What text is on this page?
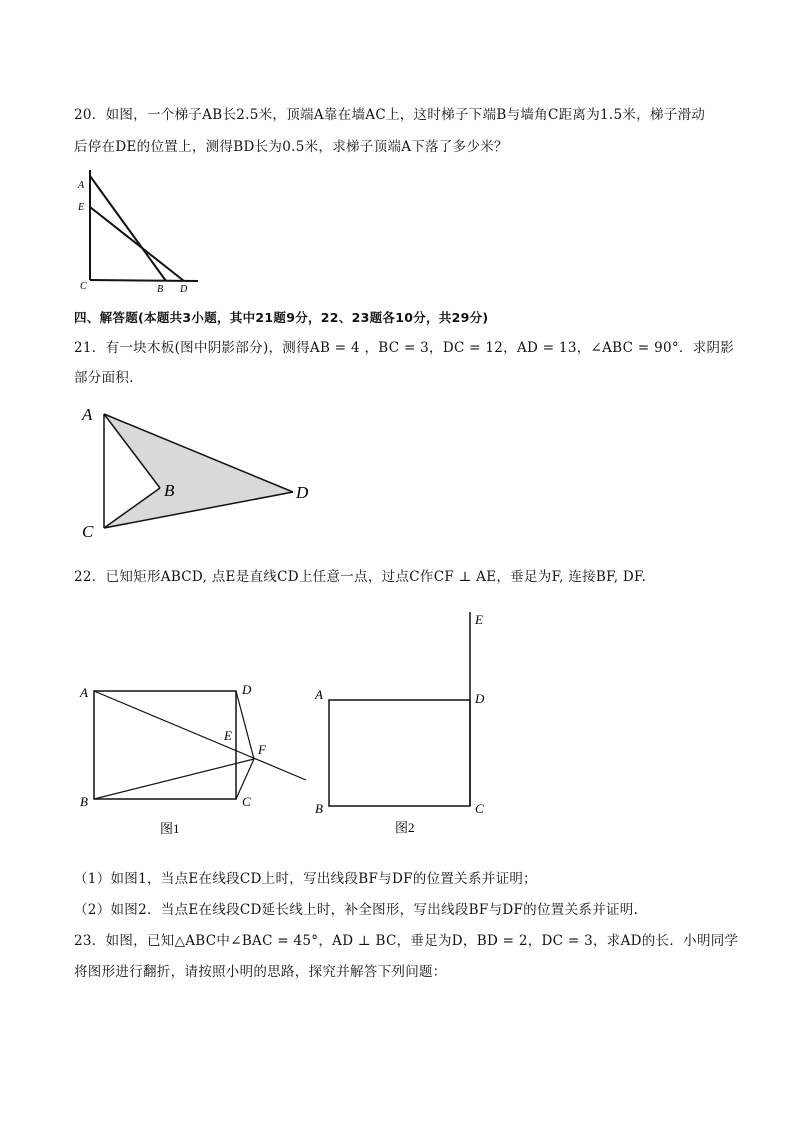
20．如图，一个梯子AB长2.5米，顶端A靠在墙AC上，这时梯子下端B与墙角C距离为1.5米，梯子滑动
后停在DE的位置上，测得BD长为0.5米，求梯子顶端A下落了多少米？
A
E
C	B D
四、解答题(本题共3小题，其中21题9分，22、23题各10分，共29分)
21．有一块木板(图中阴影部分)，测得AB = 4 ，BC = 3，DC = 12，AD = 13，∠ABC = 90°．求阴影
部分面积．
A
B
C
D
22．已知矩形ABCD, 点E是直线CD上任意一点，过点C作CF ⊥ AE，垂足为F, 连接BF, DF.
A	D
E
F
B	C
图1
E
A	D
B	C
图2
（1）如图1，当点E在线段CD上时，写出线段BF与DF的位置关系并证明；
（2）如图2．当点E在线段CD延长线上时，补全图形，写出线段BF与DF的位置关系并证明.
23．如图，已知△ABC中∠BAC = 45°，AD ⊥ BC，垂足为D，BD = 2，DC = 3，求AD的长．小明同学
将图形进行翻折，请按照小明的思路，探究并解答下列问题：
